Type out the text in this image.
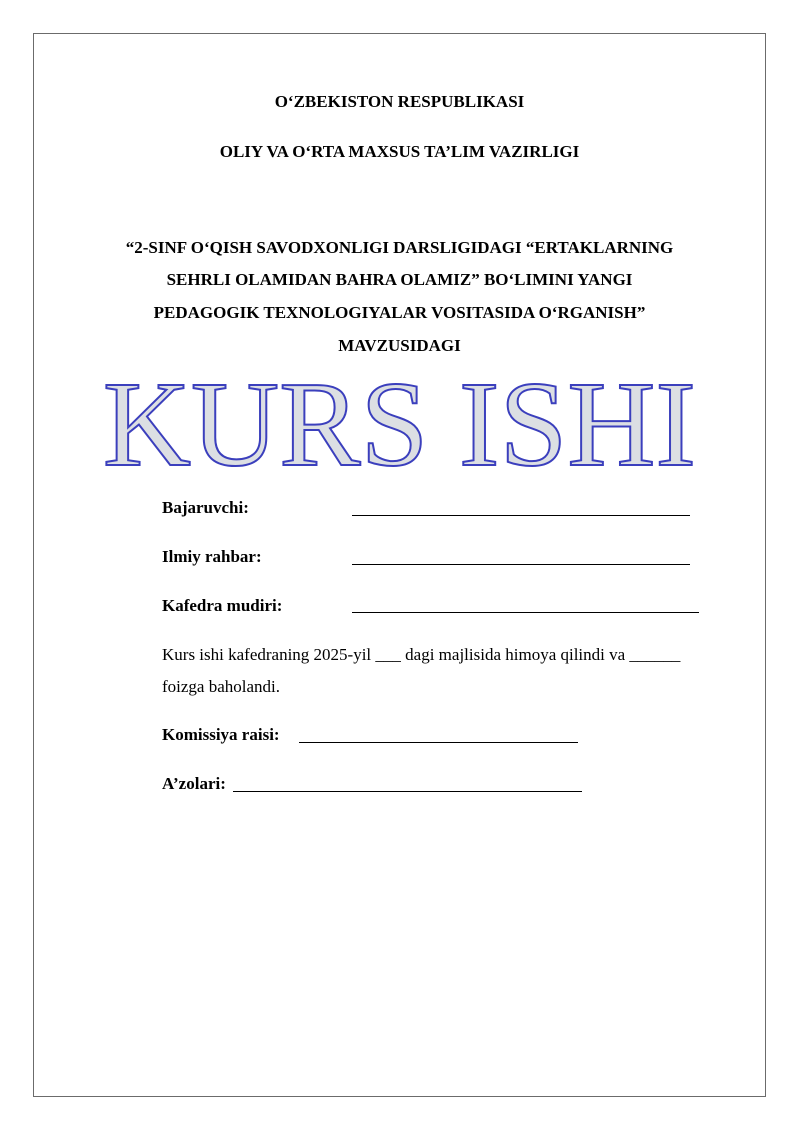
O‘ZBEKISTON RESPUBLIKASI
OLIY VA O‘RTA MAXSUS TA’LIM VAZIRLIGI
“2-SINF O‘QISH SAVODXONLIGI DARSLIGIDAGI “ERTAKLARNING
SEHRLI OLAMIDAN BAHRA OLAMIZ” BO‘LIMINI YANGI
PEDAGOGIK TEXNOLOGIYALAR VOSITASIDA O‘RGANISH”
MAVZUSIDAGI
KURS ISHI
Bajaruvchi:
Ilmiy rahbar:
Kafedra mudiri:
Kurs ishi kafedraning 2025-yil ___ dagi majlisida himoya qilindi va ______
foizga baholandi.
Komissiya raisi:
A’zolari:
